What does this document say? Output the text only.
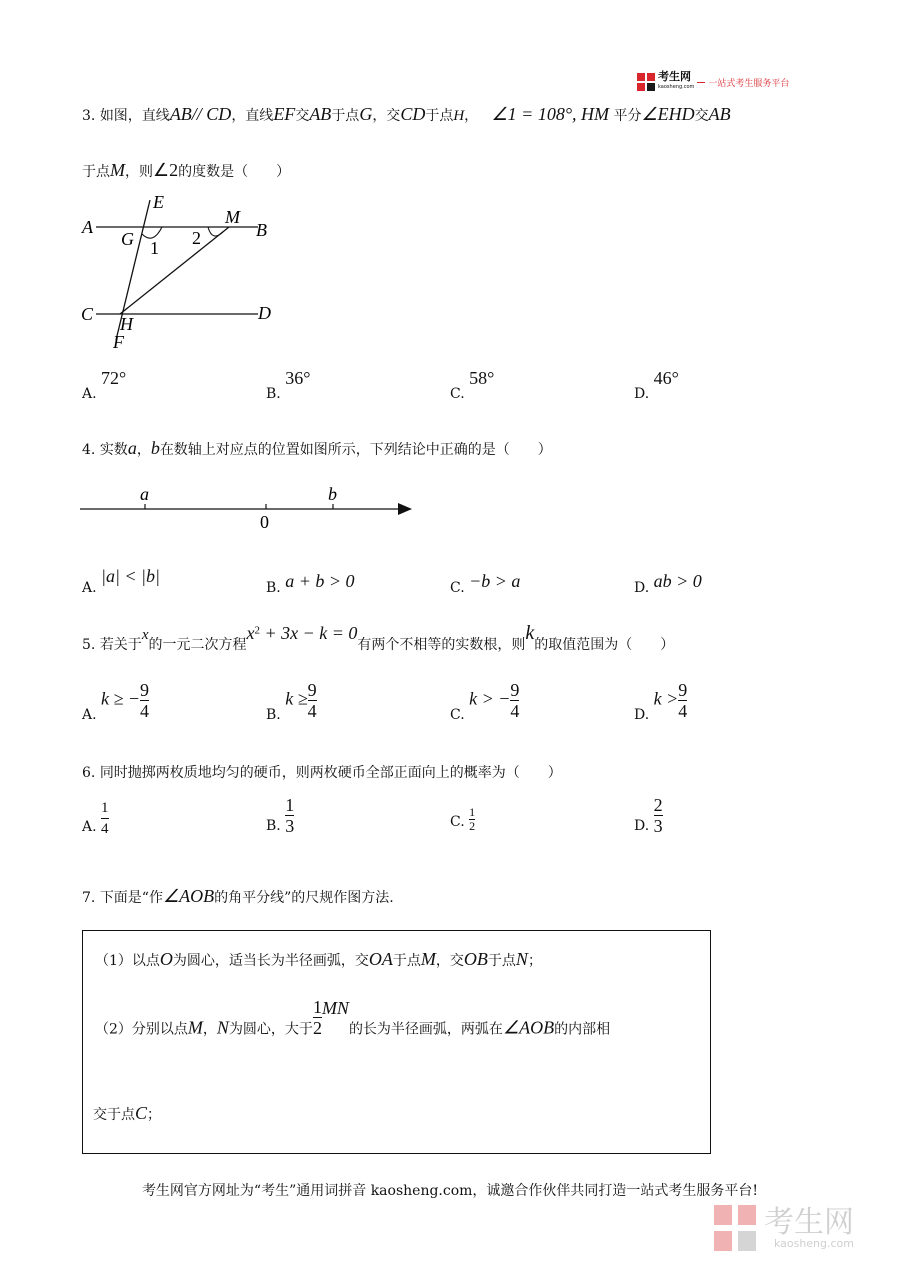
考生网
kaosheng.com 一站式考生服务平台
3. 如图，直线AB// CD，直线EF交AB于点G，交CD于点H， ∠1 = 108°, HM 平分∠EHD交AB
于点M，则∠2的度数是（　　）
A	B
C	D
E
F
G
H
M
1 2
A. 72°
B. 36°
C. 58°
D. 46°
4. 实数a，b在数轴上对应点的位置如图所示，下列结论中正确的是（　　）
a	b
0
A. |a| < |b|
B. a + b > 0	C. −b > a	D. ab > 0
5. 若关于x的一元二次方程$x^2 + 3x - k = 0$有两个不相等的实数根，则k的取值范围为（　　）
A. k ≥ − $\frac{9}{4}$	B. $k \ge \frac{9}{4}$	C. k > − $\frac{9}{4}$	D. $k > \frac{9}{4}$
6. 同时抛掷两枚质地均匀的硬币，则两枚硬币全部正面向上的概率为（　　）
A. $\frac{1}{4}$	B. $\frac{1}{3}$	C. $\frac{1}{2}$	D. $\frac{2}{3}$
7. 下面是“作∠AOB的角平分线”的尺规作图方法.
（1）以点O为圆心，适当长为半径画弧，交OA于点M，交OB于点N；
（2）分别以点M，N为圆心，大于 $\frac{1}{2}$ MN的长为半径画弧，两弧在∠AOB的内部相
交于点C；
考生网官方网址为“考生”通用词拼音 kaosheng.com，诚邀合作伙伴共同打造一站式考生服务平台!
考生网
kaosheng.com
